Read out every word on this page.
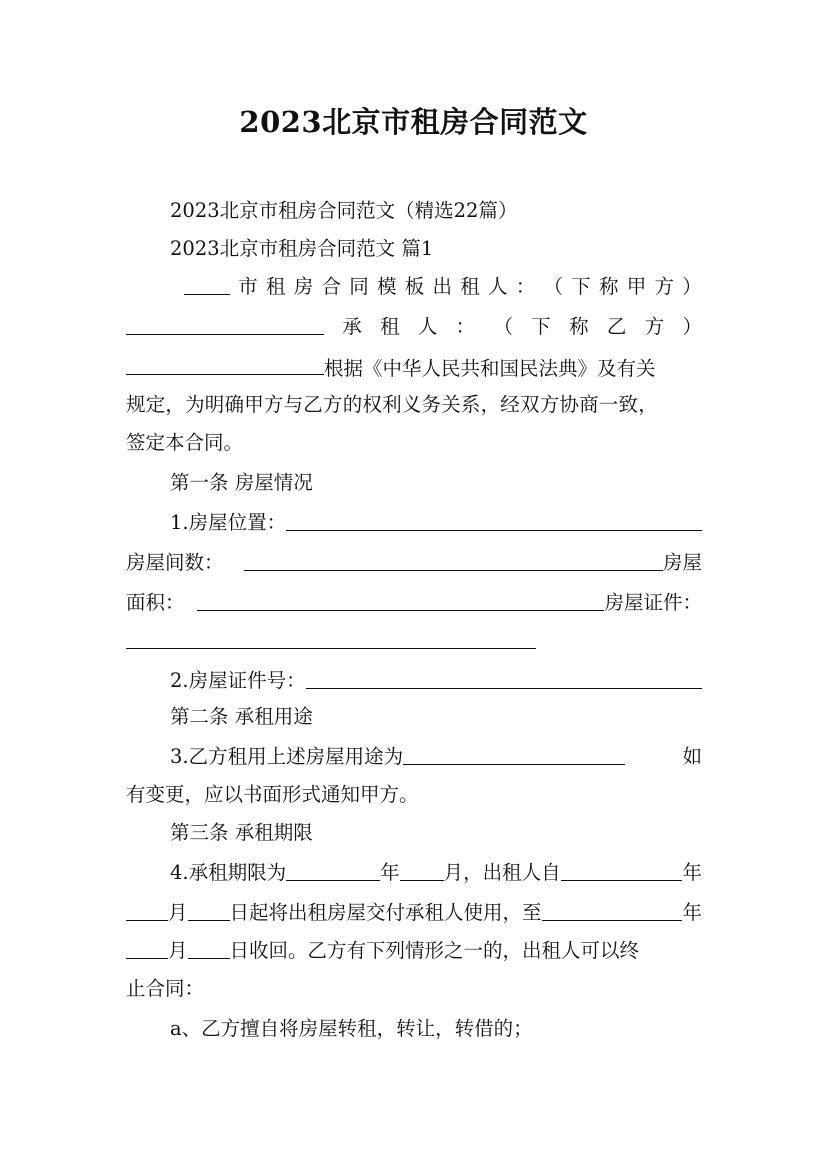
2023北京市租房合同范文
2023北京市租房合同范文（精选22篇）
2023北京市租房合同范文 篇1
市 租 房 合 同 模 板 出 租 人 ： （ 下 称 甲 方 ）
承 租 人 ： （ 下 称 乙 方 ）
根据《中华人民共和国民法典》及有关
规定，为明确甲方与乙方的权利义务关系，经双方协商一致，
签定本合同。
第一条 房屋情况
1.房屋位置：
房屋间数：	房屋
面积：	房屋证件：
2.房屋证件号：
第二条 承租用途
3.乙方租用上述房屋用途为	如
有变更，应以书面形式通知甲方。
第三条 承租期限
4.承租期限为	年 月 ，出租人自	年
月 日 起将出租房屋交付承租人使用，至	年
月 日 收回。乙方有下列情形之一的，出租人可以终
止合同：
a、乙方擅自将房屋转租，转让，转借的；
